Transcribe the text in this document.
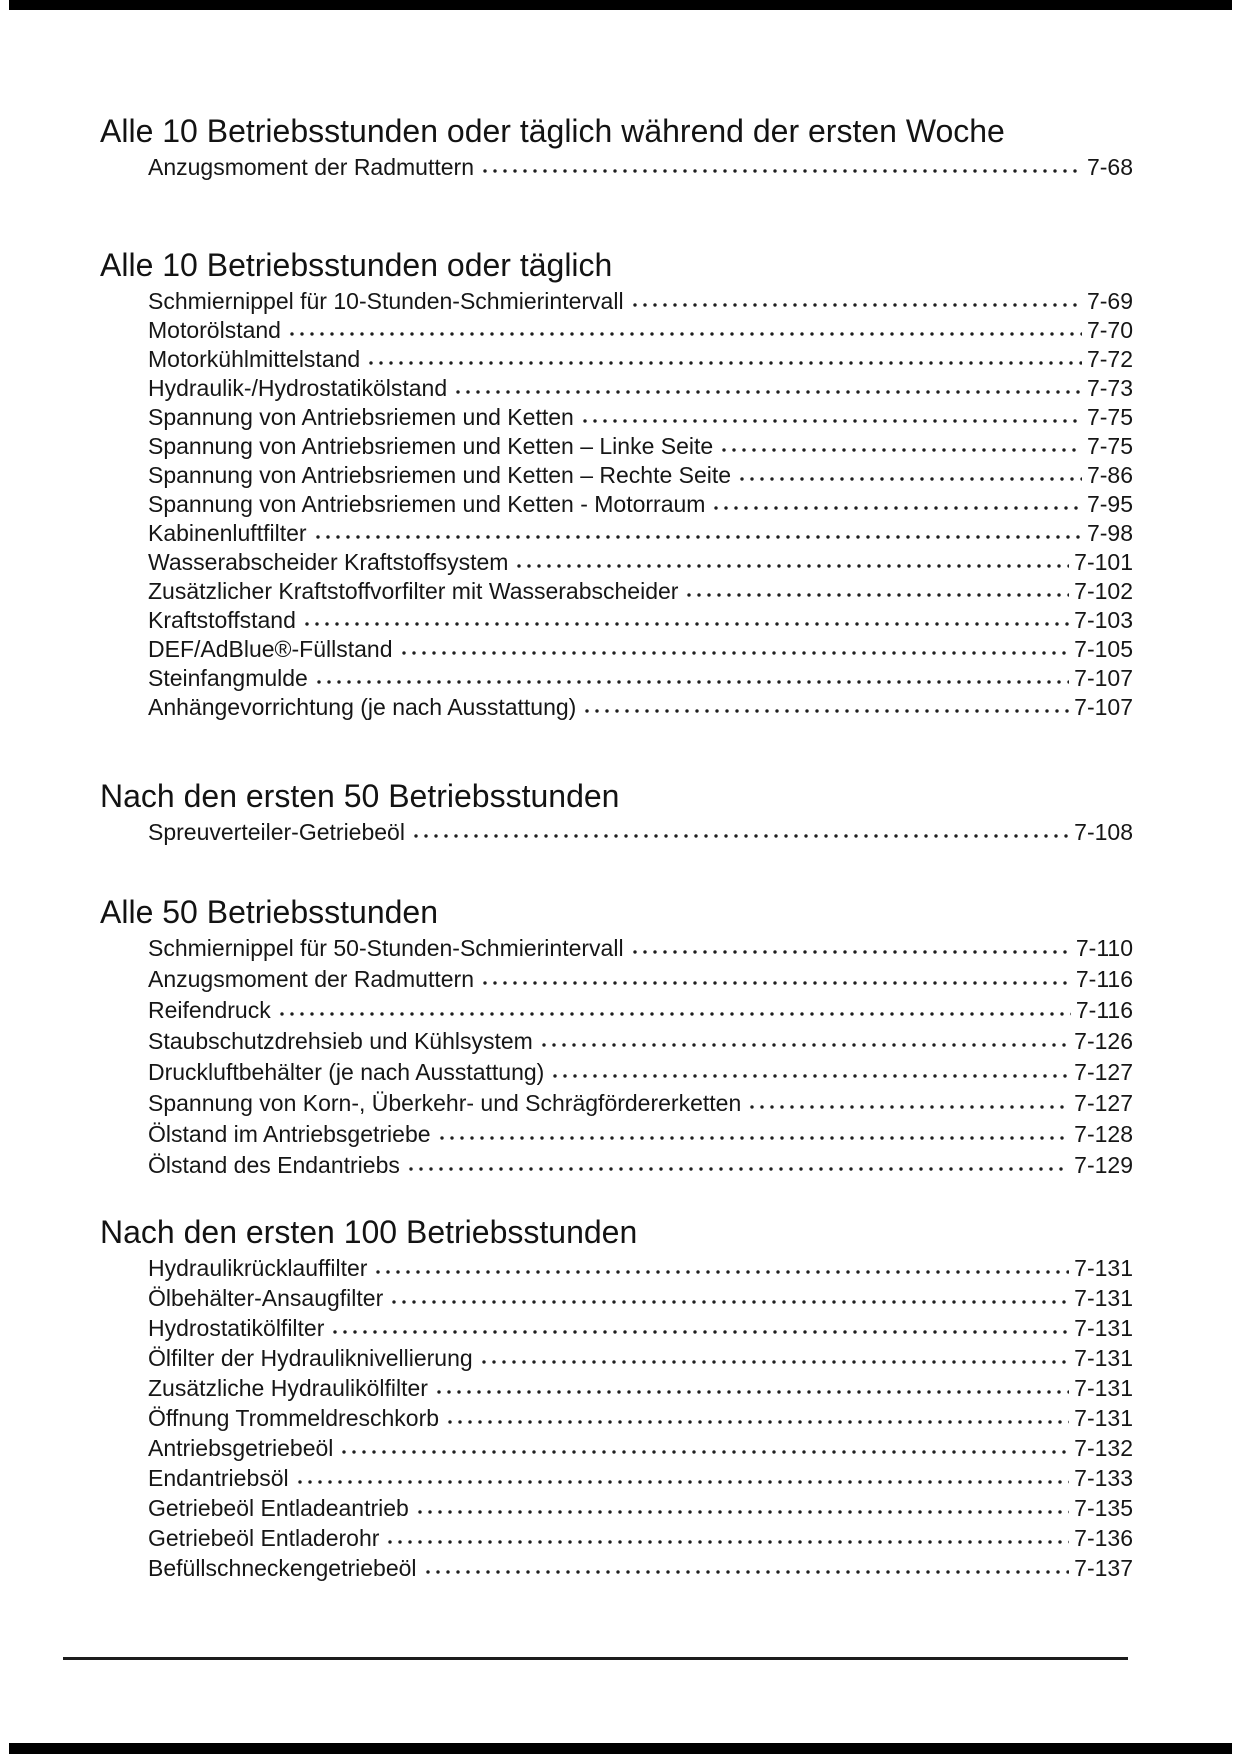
Alle 10 Betriebsstunden oder täglich während der ersten Woche
Anzugsmoment der Radmuttern	7-68
Alle 10 Betriebsstunden oder täglich
Schmiernippel für 10-Stunden-Schmierintervall	7-69
Motorölstand	7-70
Motorkühlmittelstand	7-72
Hydraulik-/Hydrostatikölstand	7-73
Spannung von Antriebsriemen und Ketten	7-75
Spannung von Antriebsriemen und Ketten – Linke Seite	7-75
Spannung von Antriebsriemen und Ketten – Rechte Seite	7-86
Spannung von Antriebsriemen und Ketten - Motorraum	7-95
Kabinenluftfilter	7-98
Wasserabscheider Kraftstoffsystem	7-101
Zusätzlicher Kraftstoffvorfilter mit Wasserabscheider	7-102
Kraftstoffstand	7-103
DEF/AdBlue®-Füllstand	7-105
Steinfangmulde	7-107
Anhängevorrichtung (je nach Ausstattung)	7-107
Nach den ersten 50 Betriebsstunden
Spreuverteiler-Getriebeöl	7-108
Alle 50 Betriebsstunden
Schmiernippel für 50-Stunden-Schmierintervall	7-110
Anzugsmoment der Radmuttern	7-116
Reifendruck	7-116
Staubschutzdrehsieb und Kühlsystem	7-126
Druckluftbehälter (je nach Ausstattung)	7-127
Spannung von Korn-, Überkehr- und Schrägfördererketten	7-127
Ölstand im Antriebsgetriebe	7-128
Ölstand des Endantriebs	7-129
Nach den ersten 100 Betriebsstunden
Hydraulikrücklauffilter	7-131
Ölbehälter-Ansaugfilter	7-131
Hydrostatikölfilter	7-131
Ölfilter der Hydrauliknivellierung	7-131
Zusätzliche Hydraulikölfilter	7-131
Öffnung Trommeldreschkorb	7-131
Antriebsgetriebeöl	7-132
Endantriebsöl	7-133
Getriebeöl Entladeantrieb	7-135
Getriebeöl Entladerohr	7-136
Befüllschneckengetriebeöl	7-137
